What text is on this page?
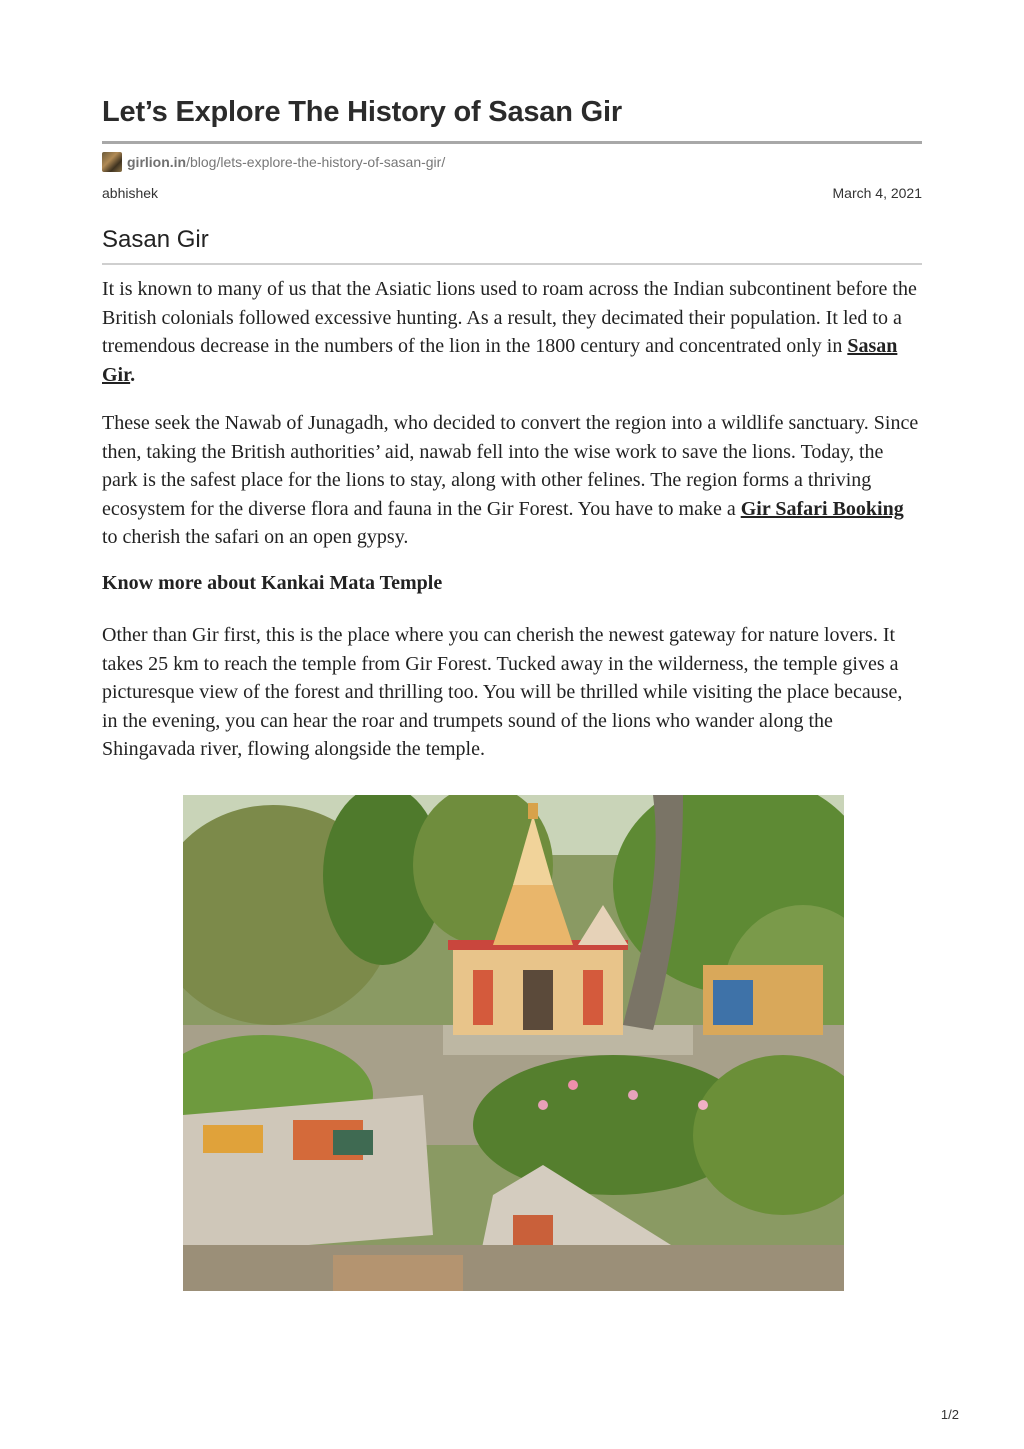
Let’s Explore The History of Sasan Gir
girlion.in /blog/lets-explore-the-history-of-sasan-gir/
abhishek	March 4, 2021
Sasan Gir

It is known to many of us that the Asiatic lions used to roam across the Indian subcontinent before the British colonials followed excessive hunting. As a result, they decimated their population. It led to a tremendous decrease in the numbers of the lion in the 1800 century and concentrated only in Sasan Gir.

These seek the Nawab of Junagadh, who decided to convert the region into a wildlife sanctuary. Since then, taking the British authorities’ aid, nawab fell into the wise work to save the lions. Today, the park is the safest place for the lions to stay, along with other felines. The region forms a thriving ecosystem for the diverse flora and fauna in the Gir Forest. You have to make a Gir Safari Booking to cherish the safari on an open gypsy.

Know more about Kankai Mata Temple

Other than Gir first, this is the place where you can cherish the newest gateway for nature lovers. It takes 25 km to reach the temple from Gir Forest. Tucked away in the wilderness, the temple gives a picturesque view of the forest and thrilling too. You will be thrilled while visiting the place because, in the evening, you can hear the roar and trumpets sound of the lions who wander along the Shingavada river, flowing alongside the temple.

1/2
